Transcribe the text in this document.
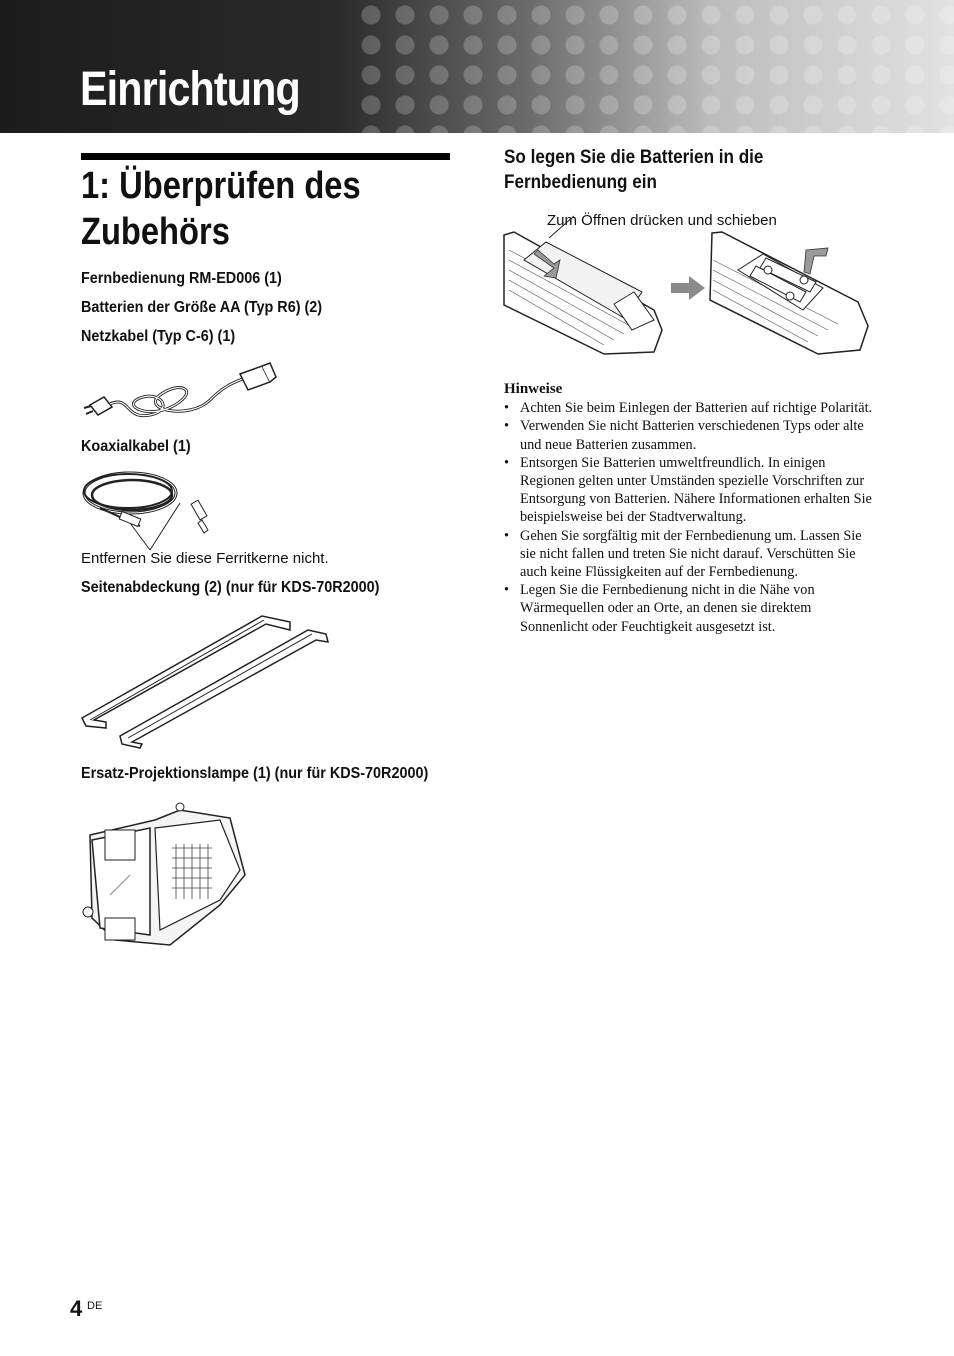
Einrichtung
1: Überprüfen des
Zubehörs

Fernbedienung RM-ED006 (1)

Batterien der Größe AA (Typ R6) (2)

Netzkabel (Typ C-6) (1)

Koaxialkabel (1)

Entfernen Sie diese Ferritkerne nicht.

Seitenabdeckung (2) (nur für KDS-70R2000)

Ersatz-Projektionslampe (1) (nur für KDS-70R2000)

So legen Sie die Batterien in die
Fernbedienung ein
Zum Öffnen drücken und schieben
Hinweise
• Achten Sie beim Einlegen der Batterien auf richtige Polarität.
• Verwenden Sie nicht Batterien verschiedenen Typs oder alte und neue Batterien zusammen.
• Entsorgen Sie Batterien umweltfreundlich. In einigen Regionen gelten unter Umständen spezielle Vorschriften zur Entsorgung von Batterien. Nähere Informationen erhalten Sie beispielsweise bei der Stadtverwaltung.
• Gehen Sie sorgfältig mit der Fernbedienung um. Lassen Sie sie nicht fallen und treten Sie nicht darauf. Verschütten Sie auch keine Flüssigkeiten auf der Fernbedienung.
• Legen Sie die Fernbedienung nicht in die Nähe von Wärmequellen oder an Orte, an denen sie direktem Sonnenlicht oder Feuchtigkeit ausgesetzt ist.
4 DE
